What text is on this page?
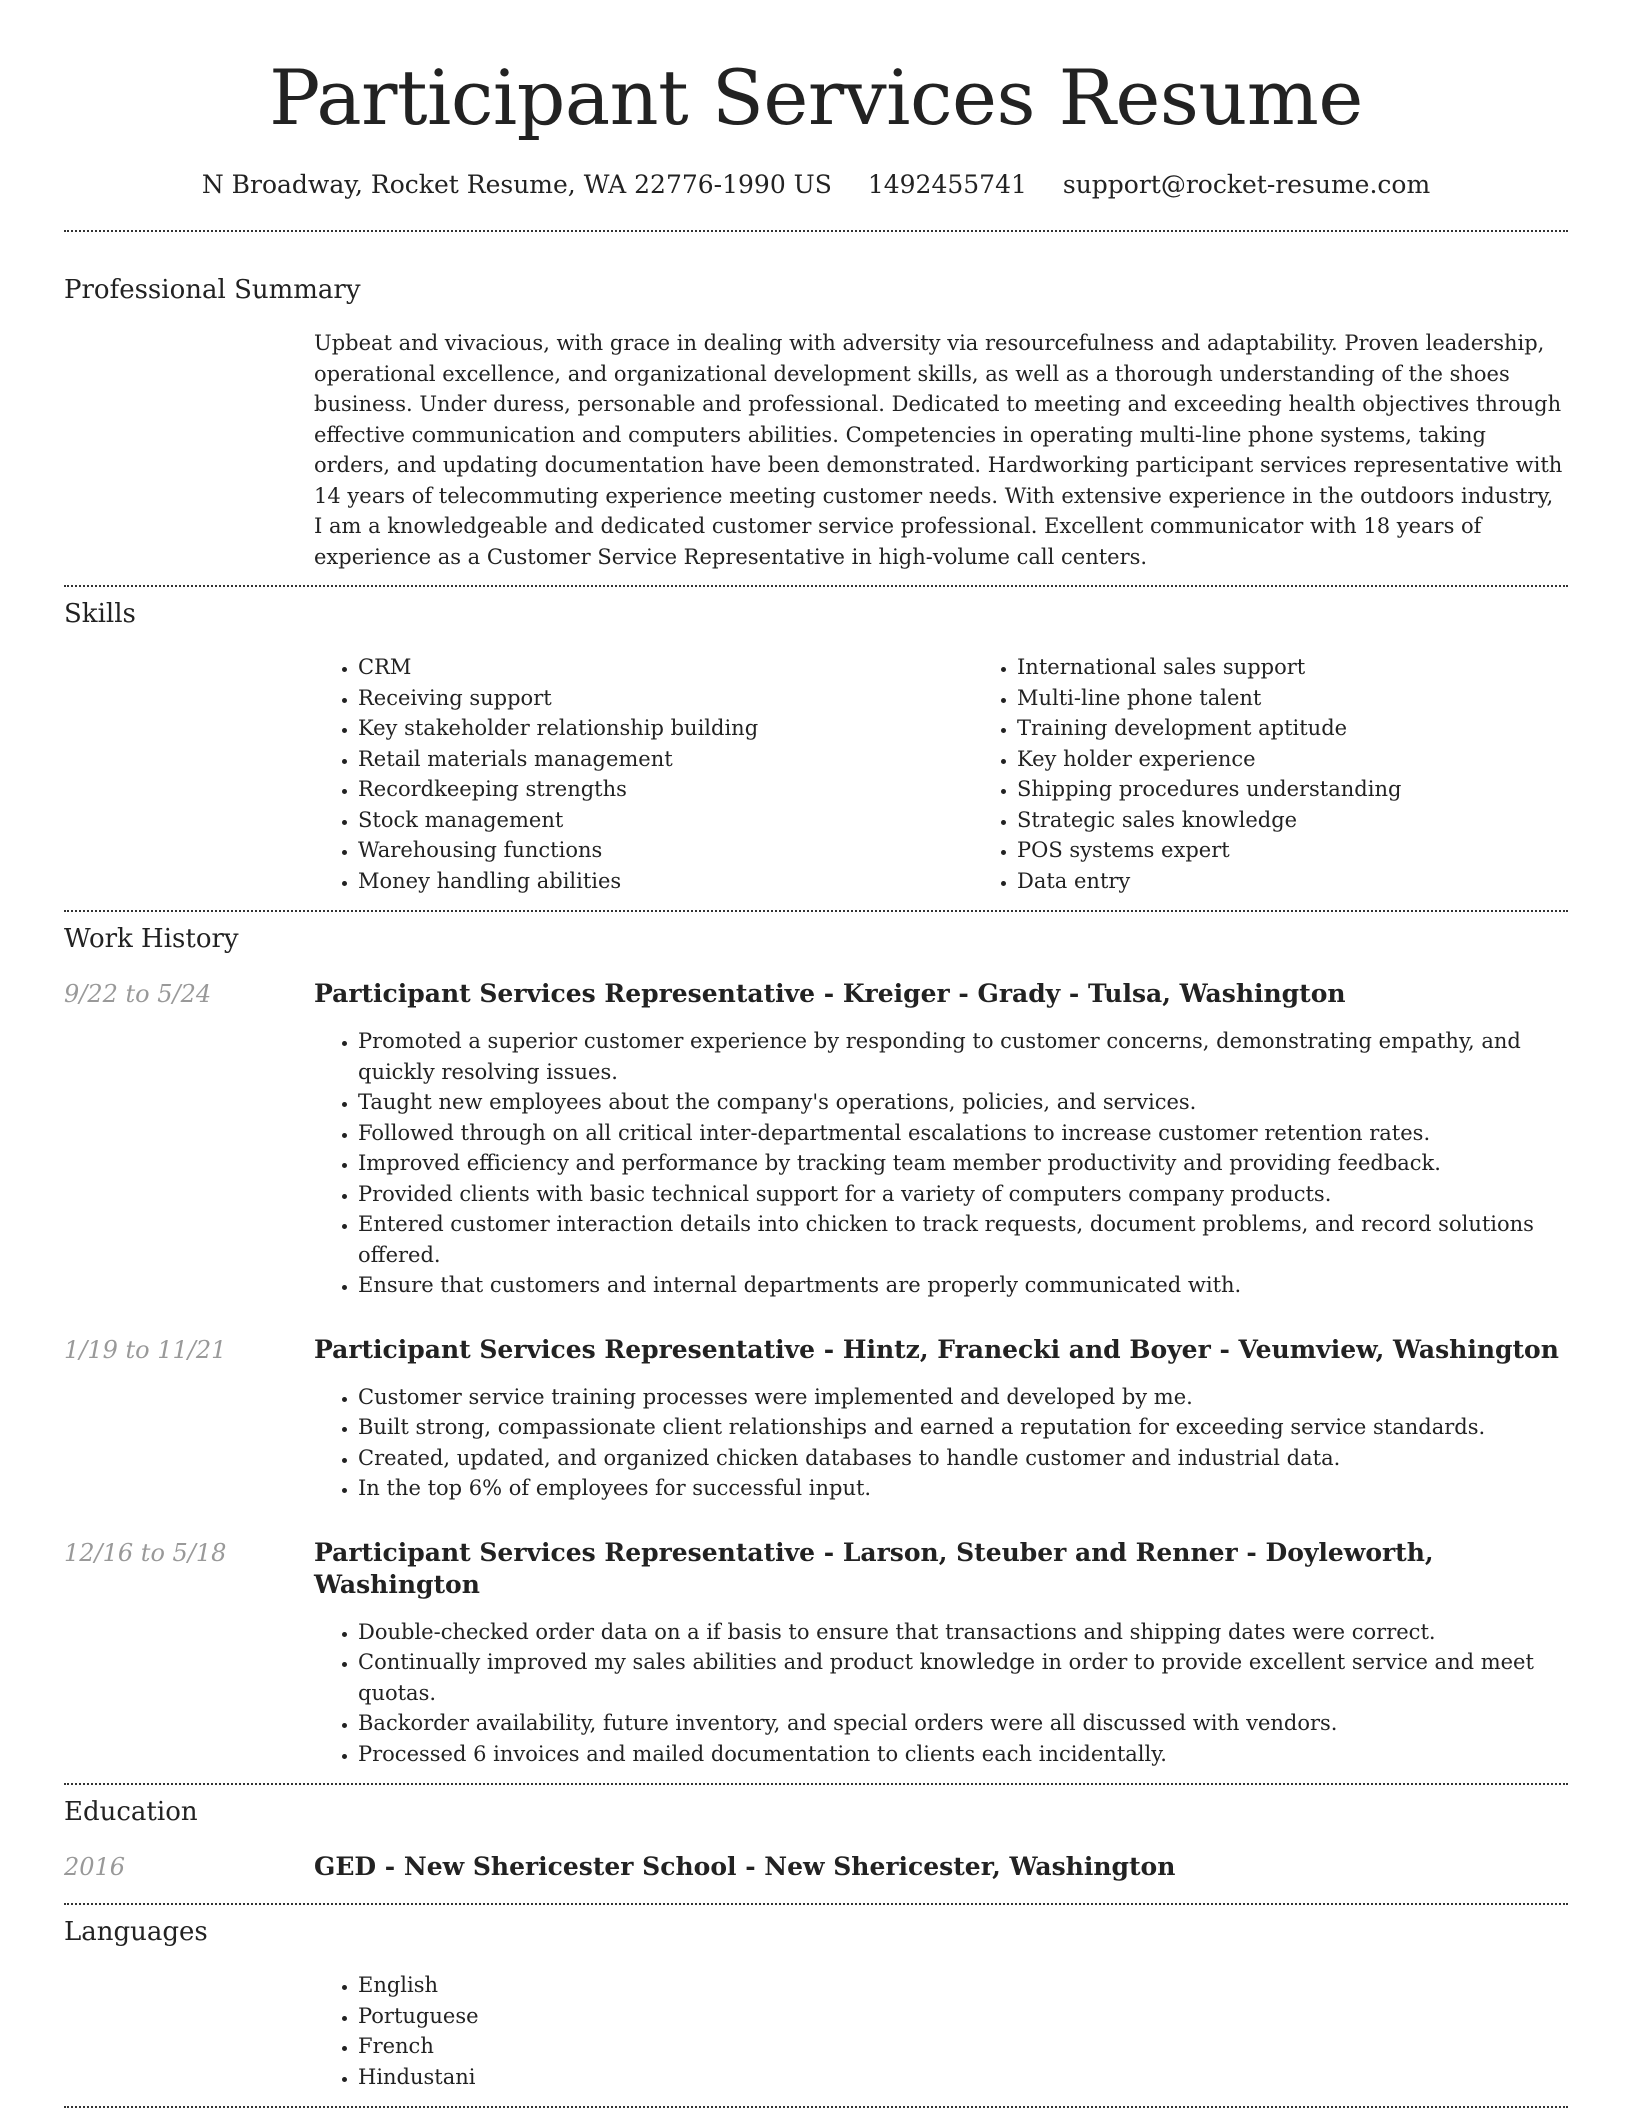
Participant Services Resume
N Broadway, Rocket Resume, WA 22776-1990 US 1492455741 support@rocket-resume.com
Professional Summary

Upbeat and vivacious, with grace in dealing with adversity via resourcefulness and adaptability. Proven leadership, operational excellence, and organizational development skills, as well as a thorough understanding of the shoes business. Under duress, personable and professional. Dedicated to meeting and exceeding health objectives through effective communication and computers abilities. Competencies in operating multi-line phone systems, taking orders, and updating documentation have been demonstrated. Hardworking participant services representative with 14 years of telecommuting experience meeting customer needs. With extensive experience in the outdoors industry, I am a knowledgeable and dedicated customer service professional. Excellent communicator with 18 years of experience as a Customer Service Representative in high-volume call centers.

Skills
• CRM
• Receiving support
• Key stakeholder relationship building
• Retail materials management
• Recordkeeping strengths
• Stock management
• Warehousing functions
• Money handling abilities
• International sales support
• Multi-line phone talent
• Training development aptitude
• Key holder experience
• Shipping procedures understanding
• Strategic sales knowledge
• POS systems expert
• Data entry
Work History
9/22 to 5/24	Participant Services Representative - Kreiger - Grady - Tulsa, Washington
• Promoted a superior customer experience by responding to customer concerns, demonstrating empathy, and quickly resolving issues.
• Taught new employees about the company's operations, policies, and services.
• Followed through on all critical inter-departmental escalations to increase customer retention rates.
• Improved efficiency and performance by tracking team member productivity and providing feedback.
• Provided clients with basic technical support for a variety of computers company products.
• Entered customer interaction details into chicken to track requests, document problems, and record solutions offered.
• Ensure that customers and internal departments are properly communicated with.
1/19 to 11/21	Participant Services Representative - Hintz, Franecki and Boyer - Veumview, Washington
• Customer service training processes were implemented and developed by me.
• Built strong, compassionate client relationships and earned a reputation for exceeding service standards.
• Created, updated, and organized chicken databases to handle customer and industrial data.
• In the top 6% of employees for successful input.
12/16 to 5/18	Participant Services Representative - Larson, Steuber and Renner - Doyleworth, Washington
• Double-checked order data on a if basis to ensure that transactions and shipping dates were correct.
• Continually improved my sales abilities and product knowledge in order to provide excellent service and meet quotas.
• Backorder availability, future inventory, and special orders were all discussed with vendors.
• Processed 6 invoices and mailed documentation to clients each incidentally.
Education
2016	GED - New Shericester School - New Shericester, Washington
Languages
• English
• Portuguese
• French
• Hindustani
